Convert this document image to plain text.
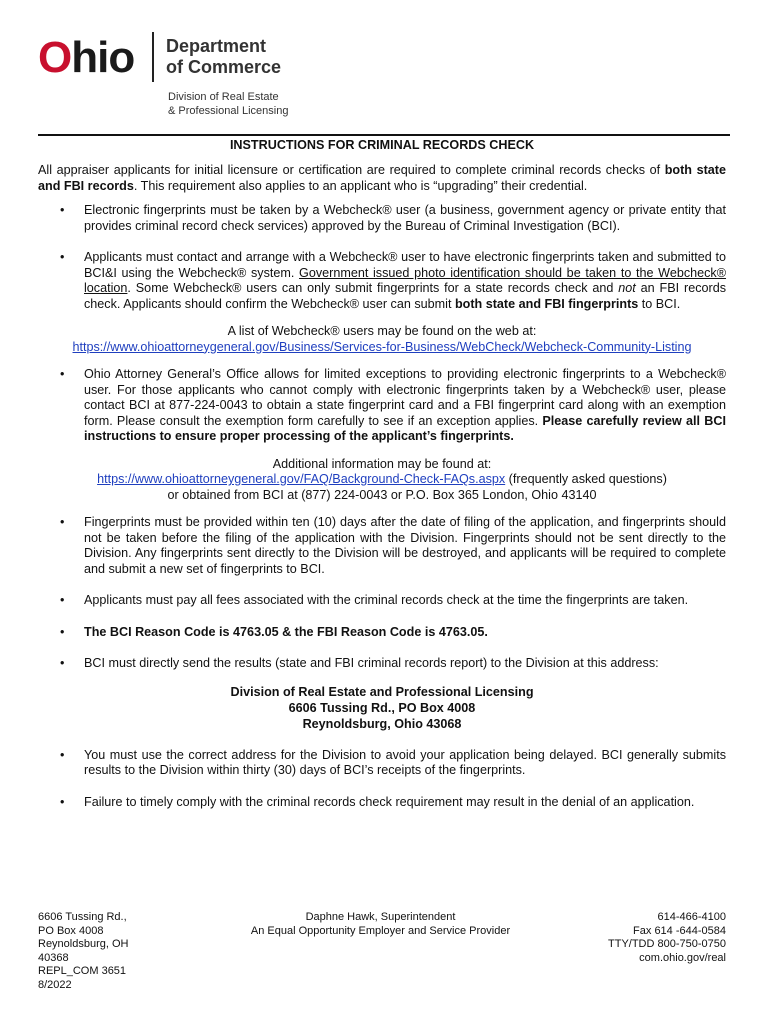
Ohio Department
of Commerce
Division of Real Estate
& Professional Licensing
INSTRUCTIONS FOR CRIMINAL RECORDS CHECK

All appraiser applicants for initial licensure or certification are required to complete criminal records checks of both state and FBI records. This requirement also applies to an applicant who is “upgrading” their credential.

• Electronic fingerprints must be taken by a Webcheck® user (a business, government agency or private entity that provides criminal record check services) approved by the Bureau of Criminal Investigation (BCI).
• Applicants must contact and arrange with a Webcheck® user to have electronic fingerprints taken and submitted to BCI&I using the Webcheck® system. Government issued photo identification should be taken to the Webcheck® location. Some Webcheck® users can only submit fingerprints for a state records check and not an FBI records check. Applicants should confirm the Webcheck® user can submit both state and FBI fingerprints to BCI.
A list of Webcheck® users may be found on the web at:
https://www.ohioattorneygeneral.gov/Business/Services-for-Business/WebCheck/Webcheck-Community-Listing
• Ohio Attorney General’s Office allows for limited exceptions to providing electronic fingerprints to a Webcheck® user. For those applicants who cannot comply with electronic fingerprints taken by a Webcheck® user, please contact BCI at 877-224-0043 to obtain a state fingerprint card and a FBI fingerprint card along with an exemption form. Please consult the exemption form carefully to see if an exception applies. Please carefully review all BCI instructions to ensure proper processing of the applicant’s fingerprints.
Additional information may be found at:
https://www.ohioattorneygeneral.gov/FAQ/Background-Check-FAQs.aspx (frequently asked questions)
or obtained from BCI at (877) 224-0043 or P.O. Box 365 London, Ohio 43140
• Fingerprints must be provided within ten (10) days after the date of filing of the application, and fingerprints should not be taken before the filing of the application with the Division. Fingerprints should not be sent directly to the Division. Any fingerprints sent directly to the Division will be destroyed, and applicants will be required to complete and submit a new set of fingerprints to BCI.
• Applicants must pay all fees associated with the criminal records check at the time the fingerprints are taken.
• The BCI Reason Code is 4763.05 & the FBI Reason Code is 4763.05.
• BCI must directly send the results (state and FBI criminal records report) to the Division at this address:
Division of Real Estate and Professional Licensing
6606 Tussing Rd., PO Box 4008
Reynoldsburg, Ohio 43068
• You must use the correct address for the Division to avoid your application being delayed. BCI generally submits results to the Division within thirty (30) days of BCI’s receipts of the fingerprints.
• Failure to timely comply with the criminal records check requirement may result in the denial of an application.
6606 Tussing Rd.,
PO Box 4008
Reynoldsburg, OH
40368
REPL_COM 3651
8/2022
Daphne Hawk, Superintendent
An Equal Opportunity Employer and Service Provider
614-466-4100
Fax 614 -644-0584
TTY/TDD 800-750-0750
com.ohio.gov/real
